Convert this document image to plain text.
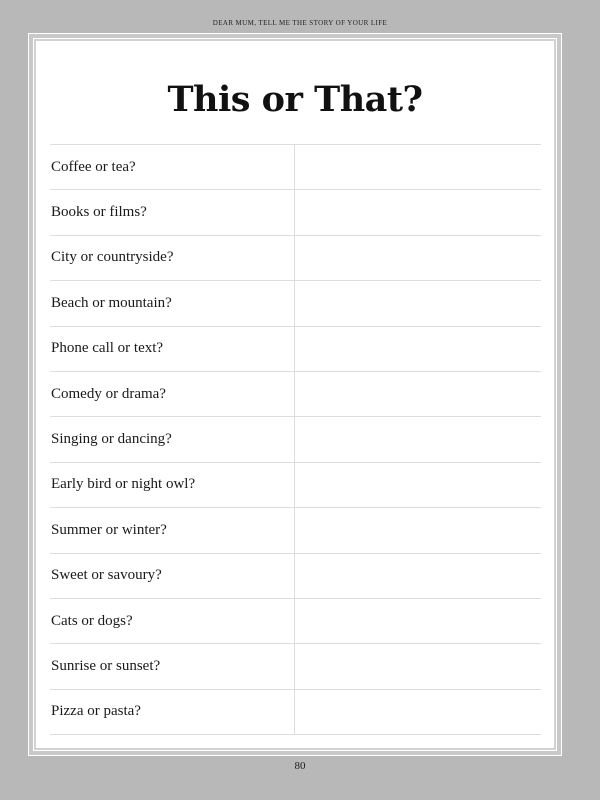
DEAR MUM, TELL ME THE STORY OF YOUR LIFE
This or That?
Coffee or tea?
Books or films?
City or countryside?
Beach or mountain?
Phone call or text?
Comedy or drama?
Singing or dancing?
Early bird or night owl?
Summer or winter?
Sweet or savoury?
Cats or dogs?
Sunrise or sunset?
Pizza or pasta?
80
